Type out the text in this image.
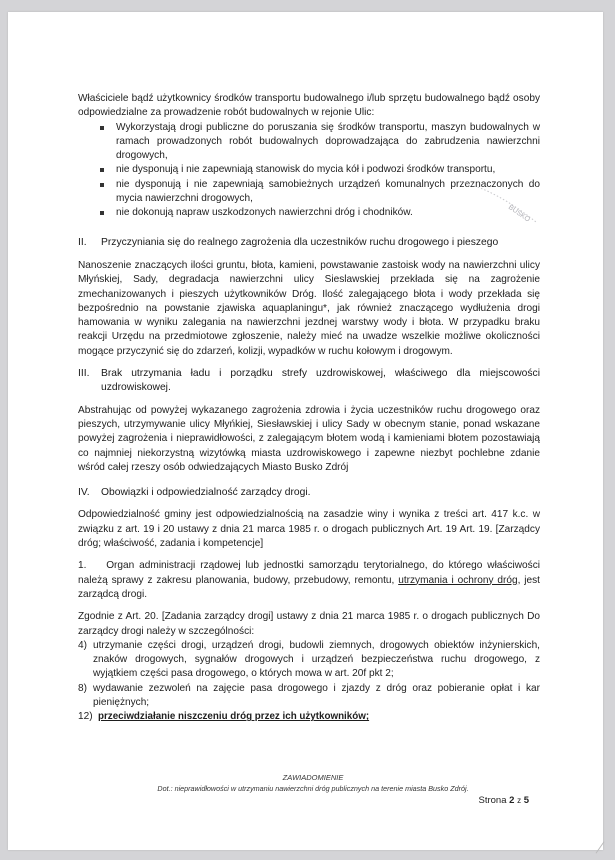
Właściciele bądź użytkownicy środków transportu budowalnego i/lub sprzętu budowalnego bądź osoby odpowiedzialne za prowadzenie robót budowalnych w rejonie Ulic:

Wykorzystają drogi publiczne do poruszania się środków transportu, maszyn budowalnych w ramach prowadzonych robót budowalnych doprowadzająca do zabrudzenia nawierzchni drogowych,
nie dysponują i nie zapewniają stanowisk do mycia kół i podwozi środków transportu,
nie dysponują i nie zapewniają samobieżnych urządzeń komunalnych przeznaczonych do mycia nawierzchni drogowych,
nie dokonują napraw uszkodzonych nawierzchni dróg i chodników.
II.	Przyczyniania się do realnego zagrożenia dla uczestników ruchu drogowego i pieszego

Nanoszenie znaczących ilości gruntu, błota, kamieni, powstawanie zastoisk wody na nawierzchni ulicy Młyńskiej, Sady, degradacja nawierzchni ulicy Sieslawskiej przekłada się na zagrożenie zmechanizowanych i pieszych użytkowników Dróg. Ilość zalegającego błota i wody przekłada się bezpośrednio na powstanie zjawiska aquaplaningu*, jak również znaczącego wydłużenia drogi hamowania w wyniku zalegania na nawierzchni jezdnej warstwy wody i błota. W przypadku braku reakcji Urzędu na przedmiotowe zgłoszenie, należy mieć na uwadze wszelkie możliwe okoliczności mogące przyczynić się do zdarzeń, kolizji, wypadków w ruchu kołowym i drogowym.

III.	Brak utrzymania ładu i porządku strefy uzdrowiskowej, właściwego dla miejscowości uzdrowiskowej.

Abstrahując od powyżej wykazanego zagrożenia zdrowia i życia uczestników ruchu drogowego oraz pieszych, utrzymywanie ulicy Młyńkiej, Siesławskiej i ulicy Sady w obecnym stanie, ponad wskazane powyżej zagrożenia i nieprawidłowości, z zalegającym błotem wodą i kamieniami błotem pozostawiają co najmniej niekorzystną wizytówką miasta uzdrowiskowego i zapewne niezbyt pochlebne zdanie wśród całej rzeszy osób odwiedzających Miasto Busko Zdrój

IV.	Obowiązki i odpowiedzialność zarządcy drogi.

Odpowiedzialność gminy jest odpowiedzialnością na zasadzie winy i wynika z treści art. 417 k.c. w związku z art. 19 i 20 ustawy z dnia 21 marca 1985 r. o drogach publicznych Art. 19 Art. 19. [Zarządcy dróg; właściwość, zadania i kompetencje]

1. Organ administracji rządowej lub jednostki samorządu terytorialnego, do którego właściwości należą sprawy z zakresu planowania, budowy, przebudowy, remontu, utrzymania i ochrony dróg, jest zarządcą drogi.

Zgodnie z Art. 20. [Zadania zarządcy drogi] ustawy z dnia 21 marca 1985 r. o drogach publicznych Do zarządcy drogi należy w szczególności:

4) utrzymanie części drogi, urządzeń drogi, budowli ziemnych, drogowych obiektów inżynierskich, znaków drogowych, sygnałów drogowych i urządzeń bezpieczeństwa ruchu drogowego, z wyjątkiem części pasa drogowego, o których mowa w art. 20f pkt 2;
8) wydawanie zezwoleń na zajęcie pasa drogowego i zjazdy z dróg oraz pobieranie opłat i kar pieniężnych;
12) przeciwdziałanie niszczeniu dróg przez ich użytkowników;
BUSKO
ZAWIADOMIENIE
Dot.: nieprawidłowości w utrzymaniu nawierzchni dróg publicznych na terenie miasta Busko Zdrój.
Strona 2 z 5
